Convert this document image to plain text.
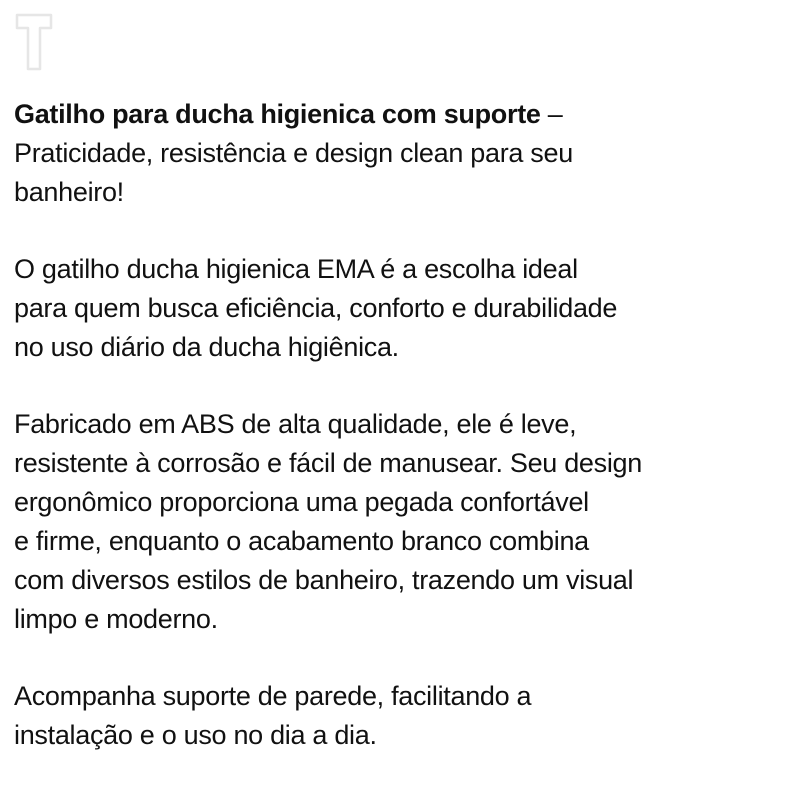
Gatilho para ducha higienica com suporte –
Praticidade, resistência e design clean para seu
banheiro!

O gatilho ducha higienica EMA é a escolha ideal
para quem busca eficiência, conforto e durabilidade
no uso diário da ducha higiênica.

Fabricado em ABS de alta qualidade, ele é leve,
resistente à corrosão e fácil de manusear. Seu design
ergonômico proporciona uma pegada confortável
e firme, enquanto o acabamento branco combina
com diversos estilos de banheiro, trazendo um visual
limpo e moderno.

Acompanha suporte de parede, facilitando a
instalação e o uso no dia a dia.
